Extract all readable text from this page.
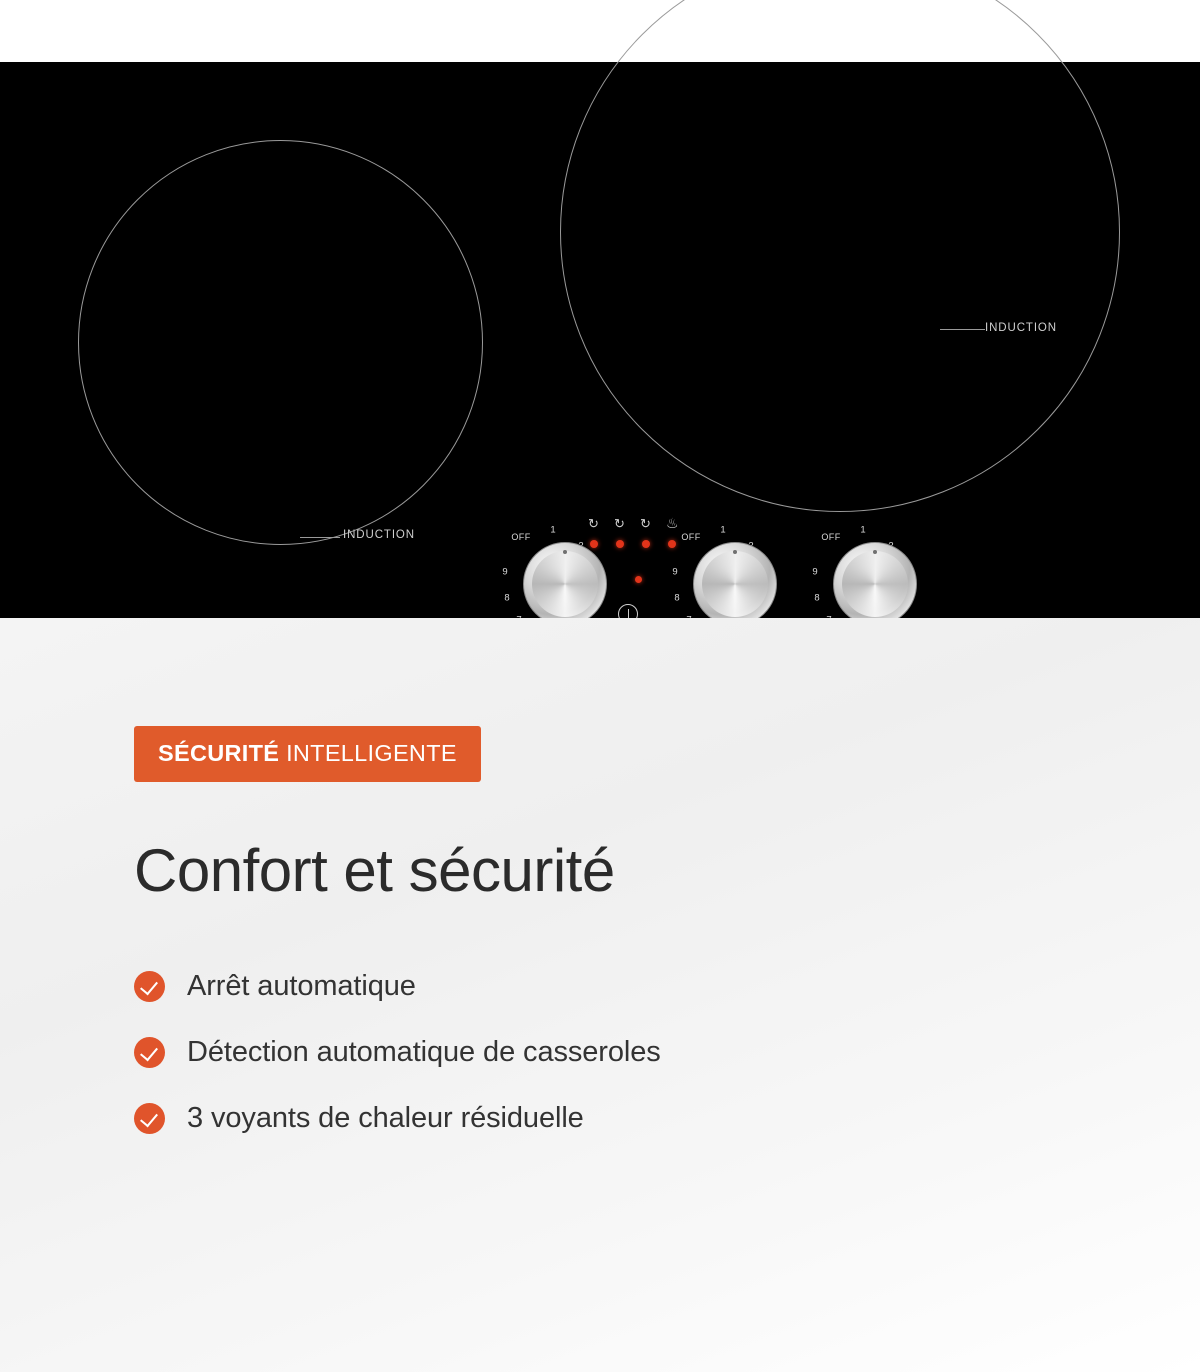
INDUCTION
INDUCTION
↻ ↻ ↻ ♨
OFF
1
8
9
OFF
1
8
9
OFF
1
8
9
SÉCURITÉ INTELLIGENTE
Confort et sécurité
Arrêt automatique
Détection automatique de casseroles
3 voyants de chaleur résiduelle
